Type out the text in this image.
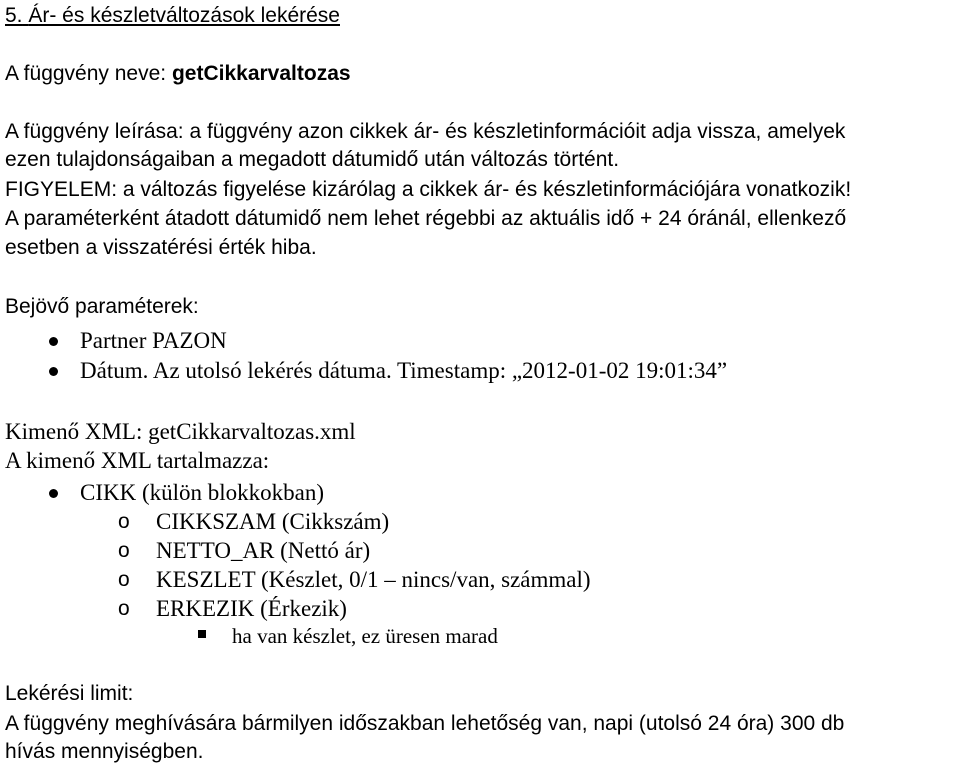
5. Ár- és készletváltozások lekérése
A függvény neve: getCikkarvaltozas
A függvény leírása: a függvény azon cikkek ár- és készletinformációit adja vissza, amelyek
ezen tulajdonságaiban a megadott dátumidő után változás történt.
FIGYELEM: a változás figyelése kizárólag a cikkek ár- és készletinformációjára vonatkozik!
A paraméterként átadott dátumidő nem lehet régebbi az aktuális idő + 24 óránál, ellenkező
esetben a visszatérési érték hiba.
Bejövő paraméterek:
Partner PAZON
Dátum. Az utolsó lekérés dátuma. Timestamp: „2012-01-02 19:01:34”
Kimenő XML: getCikkarvaltozas.xml
A kimenő XML tartalmazza:
CIKK (külön blokkokban)
o CIKKSZAM (Cikkszám)
o NETTO_AR (Nettó ár)
o KESZLET (Készlet, 0/1 – nincs/van, számmal)
o ERKEZIK (Érkezik)
ha van készlet, ez üresen marad
Lekérési limit:
A függvény meghívására bármilyen időszakban lehetőség van, napi (utolsó 24 óra) 300 db
hívás mennyiségben.
